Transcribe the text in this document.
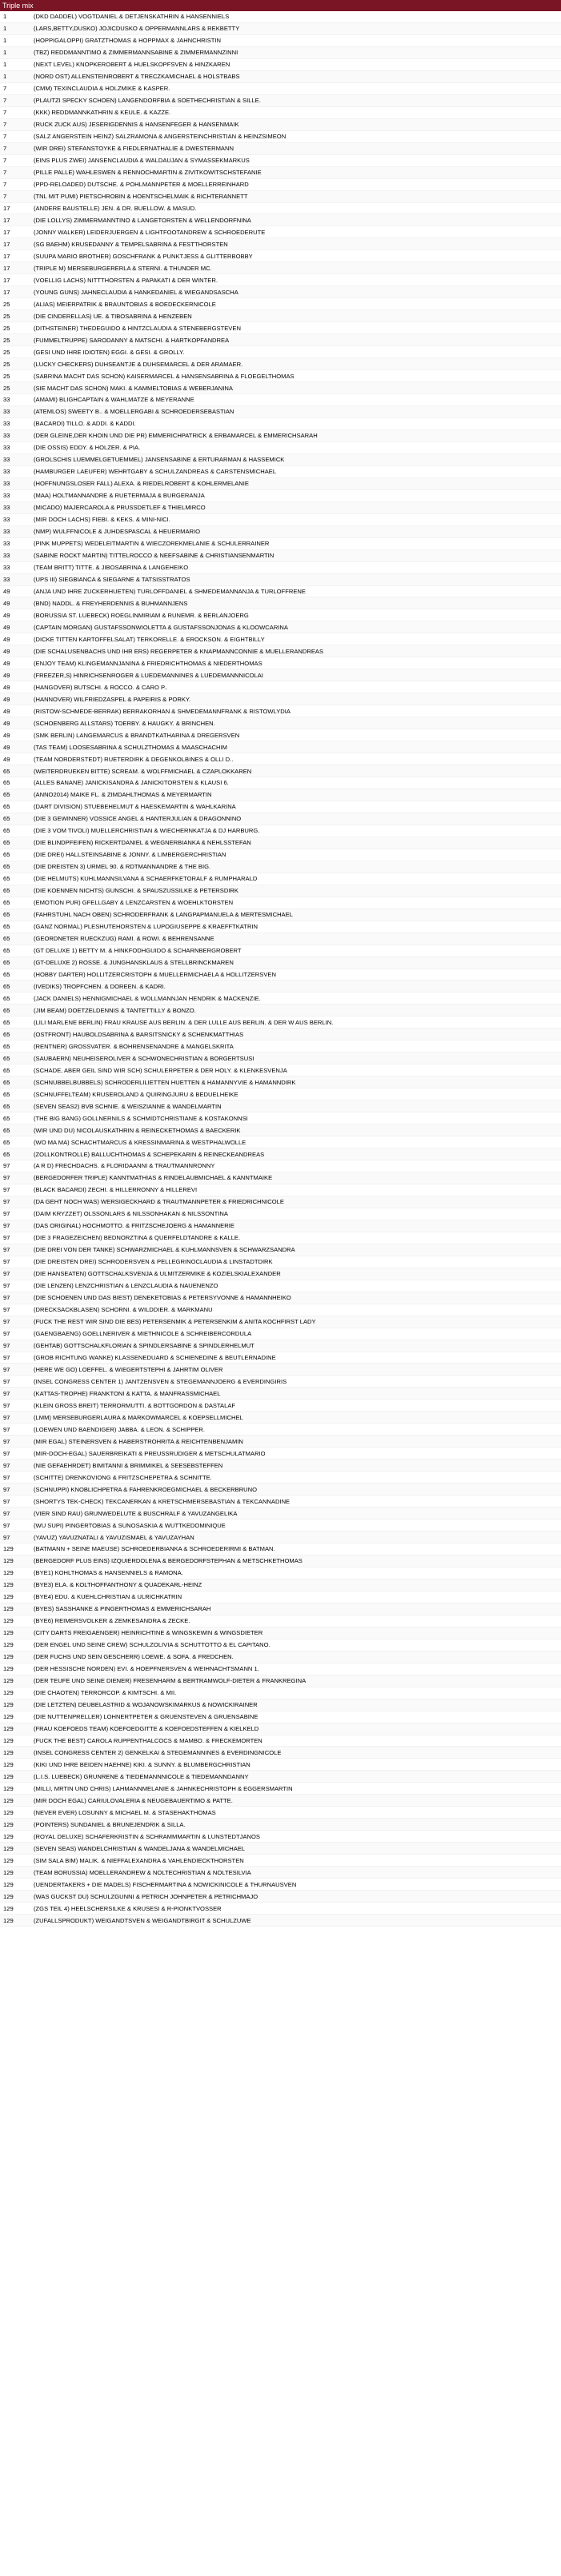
Triple mix
1	(DKD DADDEL) VOGTDANIEL & DETJENSKATHRIN & HANSENNIELS
1	(LARS,BETTY,DUSKO) JOJICDUSKO & OPPERMANNLARS & REKBETTY
1	(HOPPIGALOPPI) GRATZTHOMAS & HOPPMAX & JAHNCHRISTIN
1	(TBZ) REDDMANNTIMO & ZIMMERMANNSABINE & ZIMMERMANNZINNI
1	(NEXT LEVEL) KNOPKEROBERT & HUELSKOPFSVEN & HINZKAREN
1	(NORD OST) ALLENSTEINROBERT & TRECZKAMICHAEL & HOLSTBABS
7	(CMM) TEXINCLAUDIA & HOLZMIKE & KASPER.
7	(PLAUTZI SPECKY SCHOEN) LANGENDORFBIA & SOETHECHRISTIAN & SILLE.
7	(KKK) REDDMANNKATHRIN & KEULE. & KAZZE.
7	(RUCK ZUCK AUS) JESERIGDENNIS & HANSENFEGER & HANSENMAIK
7	(SALZ ANGERSTEIN HEINZ) SALZRAMONA & ANGERSTEINCHRISTIAN & HEINZSIMEON
7	(WIR DREI) STEFANSTOYKE & FIEDLERNATHALIE & DWESTERMANN
7	(EINS PLUS ZWEI) JANSENCLAUDIA & WALDAUJAN & SYMASSEKMARKUS
7	(PILLE PALLE) WAHLESWEN & RENNOCHMARTIN & ZIVITKOWITSCHSTEFANIE
7	(PPD-RELOADED) DUTSCHE. & POHLMANNPETER & MOELLERREINHARD
7	(TNL MIT PUMI) PIETSCHROBIN & HOENTSCHELMAIK & RICHTERANNETT
17	(ANDERE BAUSTELLE) JEN. & DR. BUELLOW. & MASUD.
17	(DIE LOLLYS) ZIMMERMANNTINO & LANGETORSTEN & WELLENDORFNINA
17	(JONNY WALKER) LEIDERJUERGEN & LIGHTFOOTANDREW & SCHROEDERUTE
17	(SG BAEHM) KRUSEDANNY & TEMPELSABRINA & FESTTHORSTEN
17	(SUUPA MARIO BROTHER) GOSCHFRANK & PUNKTJESS & GLITTERBOBBY
17	(TRIPLE M) MERSEBURGERERLA & STERNI. & THUNDER MC.
17	(VOELLIG LACHS) NITTTHORSTEN & PAPAKATI & DER WINTER.
17	(YOUNG GUNS) JAHNECLAUDIA & HANKEDANIEL & WIEGANDSASCHA
25	(ALIAS) MEIERPATRIK & BRAUNTOBIAS & BOEDECKERNICOLE
25	(DIE CINDERELLAS) UE. & TIBOSABRINA & HENZEBEN
25	(DITHSTEINER) THEDEGUIDO & HINTZCLAUDIA & STENEBERGSTEVEN
25	(FUMMELTRUPPE) SARODANNY & MATSCHI. & HARTKOPFANDREA
25	(GESI UND IHRE IDIOTEN) EGGI. & GESI. & GROLLY.
25	(LUCKY CHECKERS) DUHSEANTJE & DUHSEMARCEL & DER ARAMAER.
25	(SABRINA MACHT DAS SCHON) KAISERMARCEL & HANSENSABRINA & FLOEGELTHOMAS
25	(SIE MACHT DAS SCHON) MAKI. & KAMMELTOBIAS & WEBERJANINA
33	(AMAMI) BLIGHCAPTAIN & WAHLMATZE & MEYERANNE
33	(ATEMLOS) SWEETY B.. & MOELLERGABI & SCHROEDERSEBASTIAN
33	(BACARDI) TILLO. & ADDI. & KADDI.
33	(DER GLEINE,DER KHOIN UND DIE PR) EMMERICHPATRICK & ERBAMARCEL & EMMERICHSARAH
33	(DIE OSSIS) EDDY. & HOLZER. & PIA.
33	(GROLSCHIS LUEMMELGETUEMMEL) JANSENSABINE & ERTURARMAN & HASSEMICK
33	(HAMBURGER LAEUFER) WEHRTGABY & SCHULZANDREAS & CARSTENSMICHAEL
33	(HOFFNUNGSLOSER FALL) ALEXA. & RIEDELROBERT & KOHLERMELANIE
33	(MAA) HOLTMANNANDRE & RUETERMAJA & BURGERANJA
33	(MICADO) MAJERCAROLA & PRUSSDETLEF & THIELMIRCO
33	(MIR DOCH LACHS) FIEBI. & KEKS. & MINI-NICI.
33	(NMP) WULFFNICOLE & JUHDESPASCAL & HEUERMARIO
33	(PINK MUPPETS) WEDELEITMARTIN & WIECZOREKMELANIE & SCHULERRAINER
33	(SABINE ROCKT MARTIN) TITTELROCCO & NEEFSABINE & CHRISTIANSENMARTIN
33	(TEAM BRITT) TITTE. & JIBOSABRINA & LANGEHEIKO
33	(UPS III) SIEGBIANCA & SIEGARNE & TATSISSTRATOS
49	(ANJA UND IHRE ZUCKERHUETEN) TURLOFFDANIEL & SHMEDEMANNANJA & TURLOFFRENE
49	(BND) NADDL. & FREYHERDENNIS & BUHMANNJENS
49	(BORUSSIA ST. LUEBECK) ROEGLINMIRIAM & RUNEMR. & BERLANJOERG
49	(CAPTAIN MORGAN) GUSTAFSSONWIOLETTA & GUSTAFSSONJONAS & KLOOWCARINA
49	(DICKE TITTEN KARTOFFELSALAT) TERKORELLE. & EROCKSON. & EIGHTBILLY
49	(DIE SCHALUSENBACHS UND IHR ERS) REGERPETER & KNAPMANNCONNIE & MUELLERANDREAS
49	(ENJOY TEAM) KLINGEMANNJANINA & FRIEDRICHTHOMAS & NIEDERTHOMAS
49	(FREEZER,S) HINRICHSENROGER & LUEDEMANNINES & LUEDEMANNNICOLAI
49	(HANGOVER) BUTSCHI. & ROCCO. & CARO P..
49	(HANNOVER) WILFRIEDZASPEL & PAPEIRIS & PORKY.
49	(RISTOW-SCHMEDE-BERRAK) BERRAKORHAN & SHMEDEMANNFRANK & RISTOWLYDIA
49	(SCHOENBERG ALLSTARS) TOERBY. & HAUGKY. & BRINCHEN.
49	(SMK BERLIN) LANGEMARCUS & BRANDTKATHARINA & DREGERSVEN
49	(TAS TEAM) LOOSESABRINA & SCHULZTHOMAS & MAASCHACHIM
49	(TEAM NORDERSTEDT) RUETERDIRK & DEGENKOLBINES & OLLI D..
65	(WEITERDRUEKEN BITTE) SCREAM. & WOLFFMICHAEL & CZAPLOKKAREN
65	(ALLES BANANE) JANICKISANDRA & JANICKITORSTEN & KLAUSI 6.
65	(ANNO2014) MAIKE FL. & ZIMDAHLTHOMAS & MEYERMARTIN
65	(DART DIVISION) STUEBEHELMUT & HAESKEMARTIN & WAHLKARINA
65	(DIE 3 GEWINNER) VOSSICE ANGEL & HANTERJULIAN & DRAGONNINO
65	(DIE 3 VOM TIVOLI) MUELLERCHRISTIAN & WIECHERNKATJA & DJ HARBURG.
65	(DIE BLINDPFEIFEN) RICKERTDANIEL & WEGNERBIANKA & NEHLSSTEFAN
65	(DIE DREI) HALLSTEINSABINE & JONNY. & LIMBERGERCHRISTIAN
65	(DIE DREISTEN 3) URMEL 90. & RDTMANNANDRE & THE BIG.
65	(DIE HELMUTS) KUHLMANNSILVANA & SCHAERFKETORALF & RUMPHARALD
65	(DIE KOENNEN NICHTS) GUNSCHI. & SPAUSZUSSILKE & PETERSDIRK
65	(EMOTION PUR) GFELLGABY & LENZCARSTEN & WOEHLKTORSTEN
65	(FAHRSTUHL NACH OBEN) SCHRODERFRANK & LANGPAPMANUELA & MERTESMICHAEL
65	(GANZ NORMAL) PLESHUTEHORSTEN & LUPOGIUSEPPE & KRAEFFTKATRIN
65	(GEORDNETER RUECKZUG) RAMI. & ROWI. & BEHRENSANNE
65	(GT DELUXE 1) BETTY M. & HINKFODHGUIDO & SCHARNBERGROBERT
65	(GT-DELUXE 2) ROSSE. & JUNGHANSKLAUS & STELLBRINCKMAREN
65	(HOBBY DARTER) HOLLITZERCRISTOPH & MUELLERMICHAELA & HOLLITZERSVEN
65	(IVEDIKS) TROPFCHEN. & DOREEN. & KADRI.
65	(JACK DANIELS) HENNIGMICHAEL & WOLLMANNJAN HENDRIK & MACKENZIE.
65	(JIM BEAM) DOETZELDENNIS & TANTETTILLY & BONZO.
65	(LILI MARLENE BERLIN) FRAU KRAUSE AUS BERLIN. & DER LULLE AUS BERLIN. & DER W AUS BERLIN.
65	(OSTFRONT) HAUBOLDSABRINA & BARSITSNICKY & SCHENKMATTHIAS
65	(RENTNER) GROSSVATER. & BOHRENSENANDRE & MANGELSKRITA
65	(SAUBAERN) NEUHEISEROLIVER & SCHWONECHRISTIAN & BORGERTSUSI
65	(SCHADE, ABER GEIL SIND WIR SCH) SCHULERPETER & DER HOLY. & KLENKESVENJA
65	(SCHNUBBELBUBBELS) SCHRODERLILIETTEN HUETTEN & HAMANNYVIE & HAMANNDIRK
65	(SCHNUFFELTEAM) KRUSEROLAND & QUIRINGJURU & BEDUELHEIKE
65	(SEVEN SEAS2) BVB SCHNIE. & WEISZIANNE & WANDELMARTIN
65	(THE BIG BANG) GOLLNERNILS & SCHMIDTCHRISTIANE & KOSTAKONNSI
65	(WIR UND DU) NICOLAUSKATHRIN & REINECKETHOMAS & BAECKERIK
65	(WO MA MA) SCHACHTMARCUS & KRESSINMARINA & WESTPHALWOLLE
65	(ZOLLKONTROLLE) BALLUCHTHOMAS & SCHEPEKARIN & REINECKEANDREAS
97	(A R D) FRECHDACHS. & FLORIDAANNI & TRAUTMANNRONNY
97	(BERGEDORFER TRIPLE) KANNTMATHIAS & RINDELAUBMICHAEL & KANNTMAIKE
97	(BLACK BACARDI) ZECHI. & HILLERRONNY & HILLEREVI
97	(DA GEHT NOCH WAS) WERSIGECKHARD & TRAUTMANNPETER & FRIEDRICHNICOLE
97	(DAIM KRYZZET) OLSSONLARS & NILSSONHAKAN & NILSSONTINA
97	(DAS ORIGINAL) HOCHMOTTO. & FRITZSCHEJOERG & HAMANNERIE
97	(DIE 3 FRAGEZEICHEN) BEDNORZTINA & QUERFELDTANDRE & KALLE.
97	(DIE DREI VON DER TANKE) SCHWARZMICHAEL & KUHLMANNSVEN & SCHWARZSANDRA
97	(DIE DREISTEN DREI) SCHRODERSVEN & PELLEGRINOCLAUDIA & LINSTADTDIRK
97	(DIE HANSEATEN) GOTTSCHALKSVENJA & ULMITZERMIKE & KOZIELSKIALEXANDER
97	(DIE LENZEN) LENZCHRISTIAN & LENZCLAUDIA & NAUENENZO
97	(DIE SCHOENEN UND DAS BIEST) DENEKETOBIAS & PETERSYVONNE & HAMANNHEIKO
97	(DRECKSACKBLASEN) SCHORNI. & WILDDIER. & MARKMANU
97	(FUCK THE REST WIR SIND DIE BES) PETERSENMIK & PETERSENKIM & ANITA KOCHFIRST LADY
97	(GAENGBAENG) GOELLNERIVER & MIETHNICOLE & SCHREIBERCORDULA
97	(GEHTAB) GOTTSCHALKFLORIAN & SPINDLERSABINE & SPINDLERHELMUT
97	(GROB RICHTUNG WANKE) KLASSENEDUARD & SCHIENEDINE & BEUTLERNADINE
97	(HERE WE GO) LOEFFEL. & WIEGERTSTEPHI & JAHRTIM OLIVER
97	(INSEL CONGRESS CENTER 1) JANTZENSVEN & STEGEMANNJOERG & EVERDINGIRIS
97	(KATTAS-TROPHE) FRANKTONI & KATTA. & MANFRASSMICHAEL
97	(KLEIN GROSS BREIT) TERRORMUTTI. & BOTTGORDON & DASTALAF
97	(LMM) MERSEBURGERLAURA & MARKOWMARCEL & KOEPSELLMICHEL
97	(LOEWEN UND BAENDIGER) JABBA. & LEON. & SCHIPPER.
97	(MIR EGAL) STEINERSVEN & HABERSTROHRITA & REICHTENBENJAMIN
97	(MIR-DOCH-EGAL) SAUERBREIKATI & PREUSSRUDIGER & METSCHULATMARIO
97	(NIE GEFAEHRDET) BIMITANNI & BRIMMIKEL & SEESEBSTEFFEN
97	(SCHITTE) DRENKOVIONG & FRITZSCHEPETRA & SCHNITTE.
97	(SCHNUPPI) KNOBLICHPETRA & FAHRENKROEGMICHAEL & BECKERBRUNO
97	(SHORTYS TEK-CHECK) TEKCANERKAN & KRETSCHMERSEBASTIAN & TEKCANNADINE
97	(VIER SIND RAU) GRUNWEDELUTE & BUSCHRALF & YAVUZANGELIKA
97	(WU SUPI) PINGERTOBIAS & SUNOSASKIA & WUTTKEDOMINIQUE
97	(YAVUZ) YAVUZNATALI & YAVUZISMAEL & YAVUZAYHAN
129	(BATMANN + SEINE MAEUSE) SCHROEDERBIANKA & SCHROEDERIRMI & BATMAN.
129	(BERGEDORF PLUS EINS) IZQUIERDOLENA & BERGEDORFSTEPHAN & METSCHKETHOMAS
129	(BYE1) KOHLTHOMAS & HANSENNIELS & RAMONA.
129	(BYE3) ELA. & KOLTHOFFANTHONY & QUADEKARL-HEINZ
129	(BYE4) EDU. & KUEHLCHRISTIAN & ULRICHKATRIN
129	(BYES) SASSHANKE & PINGERTHOMAS & EMMERICHSARAH
129	(BYE6) REIMERSVOLKER & ZEMKESANDRA & ZECKE.
129	(CITY DARTS FREIGAENGER) HEINRICHTINE & WINGSKEWIN & WINGSDIETER
129	(DER ENGEL UND SEINE CREW) SCHULZOLIVIA & SCHUTTOTTO & EL CAPITANO.
129	(DER FUCHS UND SEIN GESCHERR) LOEWE. & SOFA. & FREDCHEN.
129	(DER HESSISCHE NORDEN) EVI. & HOEPFNERSVEN & WEIHNACHTSMANN 1.
129	(DER TEUFE UND SEINE DIENER) FRESENHARM & BERTRAMWOLF-DIETER & FRANKREGINA
129	(DIE CHAOTEN) TERRORCOP. & KIMTSCHI. & MII.
129	(DIE LETZTEN) DEUBELASTRID & WOJANOWSKIMARKUS & NOWICKIRAINER
129	(DIE NUTTENPRELLER) LOHNERTPETER & GRUENSTEVEN & GRUENSABINE
129	(FRAU KOEFOEDS TEAM) KOEFOEDGITTE & KOEFOEDSTEFFEN & KIELKELD
129	(FUCK THE BEST) CAROLA RUPPENTHALCOCS & MAMBO. & FRECKEMORTEN
129	(INSEL CONGRESS CENTER 2) GENKELKAI & STEGEMANNINES & EVERDINGNICOLE
129	(KIKI UND IHRE BEIDEN HAEHNE) KIKI. & SUNNY. & BLUMBERGCHRISTIAN
129	(L.I.S. LUEBECK) GRUNRENE & TIEDEMANNNICOLE & TIEDEMANNDANNY
129	(MILLI, MRTIN UND CHRIS) LAHMANNMELANIE & JAHNKECHRISTOPH & EGGERSMARTIN
129	(MIR DOCH EGAL) CARIULOVALERIA & NEUGEBAUERTIMO & PATTE.
129	(NEVER EVER) LOSUNNY & MICHAEL M. & STASEHAKTHOMAS
129	(POINTERS) SUNDANIEL & BRUNEJENDRIK & SILLA.
129	(ROYAL DELUXE) SCHAFERKRISTIN & SCHRAMMMARTIN & LUNSTEDTJANOS
129	(SEVEN SEAS) WANDELCHRISTIAN & WANDELJANA & WANDELMICHAEL
129	(SIM SALA BIM) MALIK. & NIEFFALEXANDRA & VAHLENDIECKTHORSTEN
129	(TEAM BORUSSIA) MOELLERANDREW & NOLTECHRISTIAN & NOLTESILVIA
129	(UENDERTAKERS + DIE MADELS) FISCHERMARTINA & NOWICKINICOLE & THURNAUSVEN
129	(WAS GUCKST DU) SCHULZGUNNI & PETRICH JOHNPETER & PETRICHMAJO
129	(ZGS TEIL 4) HEELSCHERSILKE & KRUSESI & R-PIONKTVOSSER
129	(ZUFALLSPRODUKT) WEIGANDTSVEN & WEIGANDTBIRGIT & SCHULZUWE
